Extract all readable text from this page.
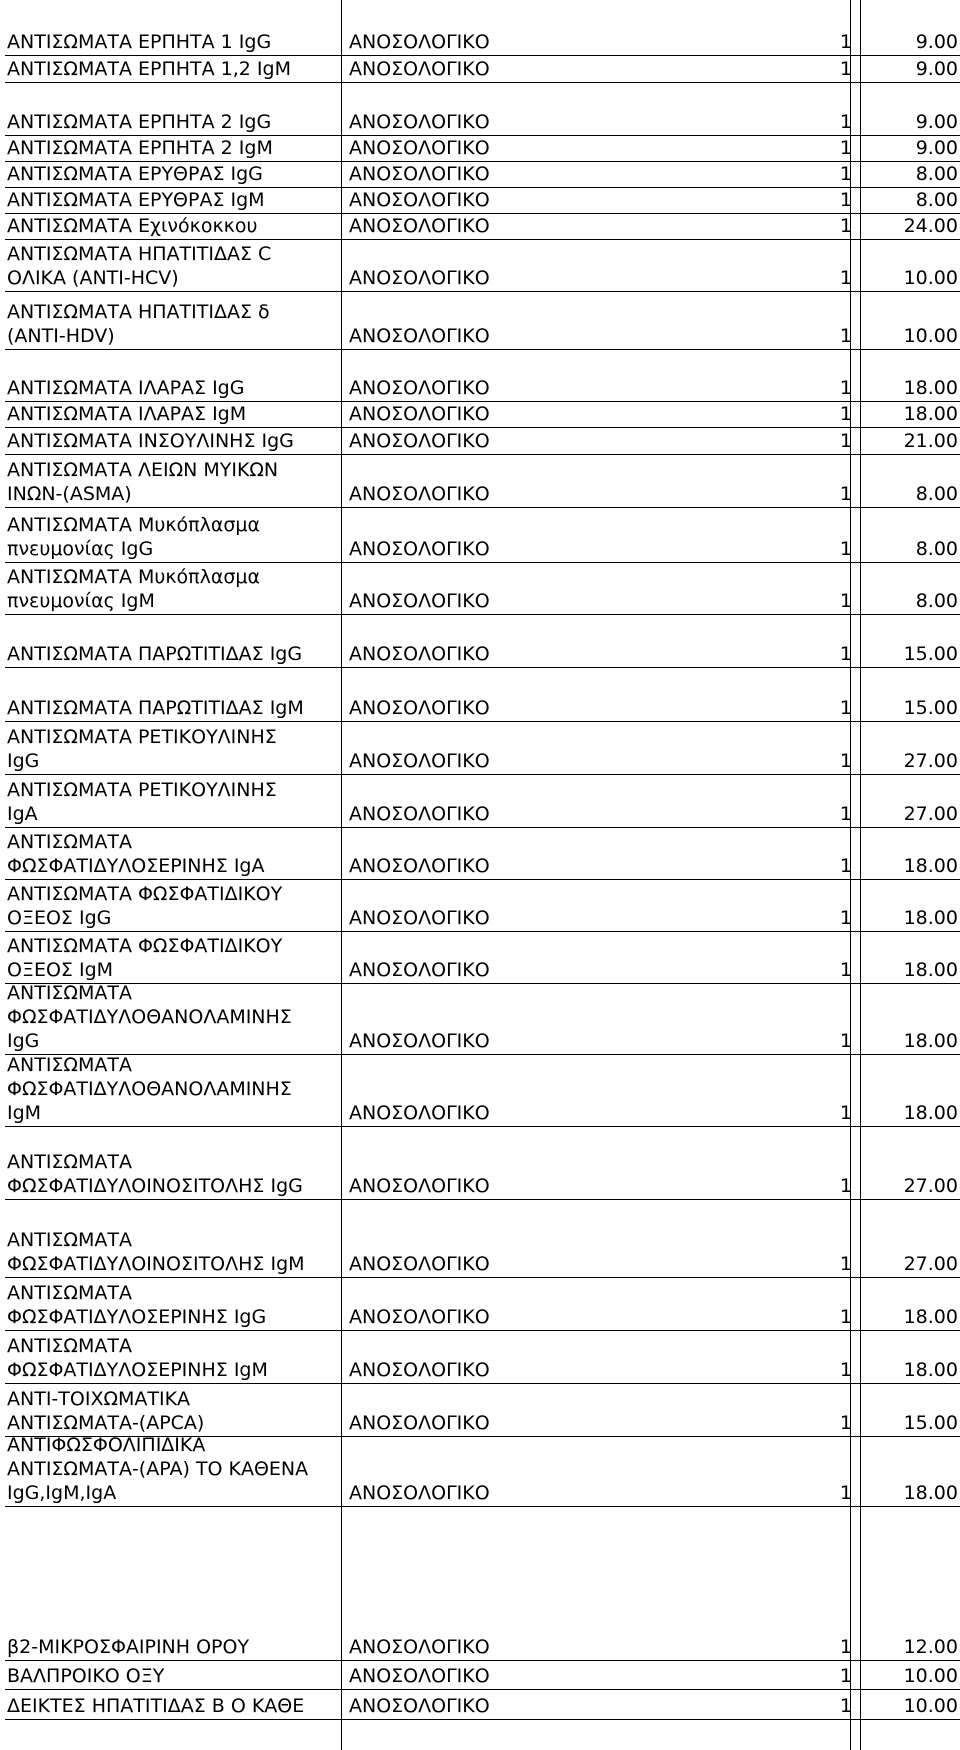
ΑΝΤΙΣΩΜΑΤΑ ΕΡΠΗΤΑ 1 IgG	ΑΝΟΣΟΛΟΓΙΚΟ	1	9.00
ΑΝΤΙΣΩΜΑΤΑ ΕΡΠΗΤΑ 1,2 IgM	ΑΝΟΣΟΛΟΓΙΚΟ	1	9.00
ΑΝΤΙΣΩΜΑΤΑ ΕΡΠΗΤΑ 2 IgG	ΑΝΟΣΟΛΟΓΙΚΟ	1	9.00
ΑΝΤΙΣΩΜΑΤΑ ΕΡΠΗΤΑ 2 IgM	ΑΝΟΣΟΛΟΓΙΚΟ	1	9.00
ΑΝΤΙΣΩΜΑΤΑ ΕΡΥΘΡΑΣ IgG	ΑΝΟΣΟΛΟΓΙΚΟ	1	8.00
ΑΝΤΙΣΩΜΑΤΑ ΕΡΥΘΡΑΣ IgM	ΑΝΟΣΟΛΟΓΙΚΟ	1	8.00
ΑΝΤΙΣΩΜΑΤΑ Εχινόκοκκου	ΑΝΟΣΟΛΟΓΙΚΟ	1	24.00
ΑΝΤΙΣΩΜΑΤΑ ΗΠΑΤΙΤΙΔΑΣ C
ΟΛΙΚΑ (ΑΝΤΙ-HCV)	ΑΝΟΣΟΛΟΓΙΚΟ	1	10.00
ΑΝΤΙΣΩΜΑΤΑ ΗΠΑΤΙΤΙΔΑΣ δ
(ΑΝΤΙ-HDV)	ΑΝΟΣΟΛΟΓΙΚΟ	1	10.00
ΑΝΤΙΣΩΜΑΤΑ ΙΛΑΡΑΣ IgG	ΑΝΟΣΟΛΟΓΙΚΟ	1	18.00
ΑΝΤΙΣΩΜΑΤΑ ΙΛΑΡΑΣ IgM	ΑΝΟΣΟΛΟΓΙΚΟ	1	18.00
ΑΝΤΙΣΩΜΑΤΑ ΙΝΣΟΥΛΙΝΗΣ IgG	ΑΝΟΣΟΛΟΓΙΚΟ	1	21.00
ΑΝΤΙΣΩΜΑΤΑ ΛΕΙΩΝ ΜΥΙΚΩΝ
ΙΝΩΝ-(ASMA)	ΑΝΟΣΟΛΟΓΙΚΟ	1	8.00
ΑΝΤΙΣΩΜΑΤΑ Μυκόπλασμα
πνευμονίας IgG	ΑΝΟΣΟΛΟΓΙΚΟ	1	8.00
ΑΝΤΙΣΩΜΑΤΑ Μυκόπλασμα
πνευμονίας IgM	ΑΝΟΣΟΛΟΓΙΚΟ	1	8.00
ΑΝΤΙΣΩΜΑΤΑ ΠΑΡΩΤΙΤΙΔΑΣ IgG	ΑΝΟΣΟΛΟΓΙΚΟ	1	15.00
ΑΝΤΙΣΩΜΑΤΑ ΠΑΡΩΤΙΤΙΔΑΣ IgM	ΑΝΟΣΟΛΟΓΙΚΟ	1	15.00
ΑΝΤΙΣΩΜΑΤΑ ΡΕΤΙΚΟΥΛΙΝΗΣ
IgG	ΑΝΟΣΟΛΟΓΙΚΟ	1	27.00
ΑΝΤΙΣΩΜΑΤΑ ΡΕΤΙΚΟΥΛΙΝΗΣ
IgA	ΑΝΟΣΟΛΟΓΙΚΟ	1	27.00
ΑΝΤΙΣΩΜΑΤΑ
ΦΩΣΦΑΤΙΔΥΛΟΣΕΡΙΝΗΣ IgA	ΑΝΟΣΟΛΟΓΙΚΟ	1	18.00
ΑΝΤΙΣΩΜΑΤΑ ΦΩΣΦΑΤΙΔΙΚΟΥ
ΟΞΕΟΣ IgG	ΑΝΟΣΟΛΟΓΙΚΟ	1	18.00
ΑΝΤΙΣΩΜΑΤΑ ΦΩΣΦΑΤΙΔΙΚΟΥ
ΟΞΕΟΣ IgM	ΑΝΟΣΟΛΟΓΙΚΟ	1	18.00
ΑΝΤΙΣΩΜΑΤΑ
ΦΩΣΦΑΤΙΔΥΛΟΘΑΝΟΛΑΜΙΝΗΣ
IgG	ΑΝΟΣΟΛΟΓΙΚΟ	1	18.00
ΑΝΤΙΣΩΜΑΤΑ
ΦΩΣΦΑΤΙΔΥΛΟΘΑΝΟΛΑΜΙΝΗΣ
IgM	ΑΝΟΣΟΛΟΓΙΚΟ	1	18.00
ΑΝΤΙΣΩΜΑΤΑ
ΦΩΣΦΑΤΙΔΥΛΟΙΝΟΣΙΤΟΛΗΣ IgG	ΑΝΟΣΟΛΟΓΙΚΟ	1	27.00
ΑΝΤΙΣΩΜΑΤΑ
ΦΩΣΦΑΤΙΔΥΛΟΙΝΟΣΙΤΟΛΗΣ IgM	ΑΝΟΣΟΛΟΓΙΚΟ	1	27.00
ΑΝΤΙΣΩΜΑΤΑ
ΦΩΣΦΑΤΙΔΥΛΟΣΕΡΙΝΗΣ IgG	ΑΝΟΣΟΛΟΓΙΚΟ	1	18.00
ΑΝΤΙΣΩΜΑΤΑ
ΦΩΣΦΑΤΙΔΥΛΟΣΕΡΙΝΗΣ IgM	ΑΝΟΣΟΛΟΓΙΚΟ	1	18.00
ΑΝΤΙ-ΤΟΙΧΩΜΑΤΙΚΑ
ΑΝΤΙΣΩΜΑΤΑ-(APCA)	ΑΝΟΣΟΛΟΓΙΚΟ	1	15.00
ΑΝΤΙΦΩΣΦΟΛΙΠΙΔΙΚΑ
ΑΝΤΙΣΩΜΑΤΑ-(APA) ΤΟ ΚΑΘΕΝΑ
IgG,IgM,IgA	ΑΝΟΣΟΛΟΓΙΚΟ	1	18.00
β2-ΜΙΚΡΟΣΦΑΙΡΙΝΗ ΟΡΟΥ	ΑΝΟΣΟΛΟΓΙΚΟ	1	12.00
ΒΑΛΠΡΟΙΚΟ ΟΞΥ	ΑΝΟΣΟΛΟΓΙΚΟ	1	10.00
ΔΕΙΚΤΕΣ ΗΠΑΤΙΤΙΔΑΣ Β Ο ΚΑΘΕ	ΑΝΟΣΟΛΟΓΙΚΟ	1	10.00
